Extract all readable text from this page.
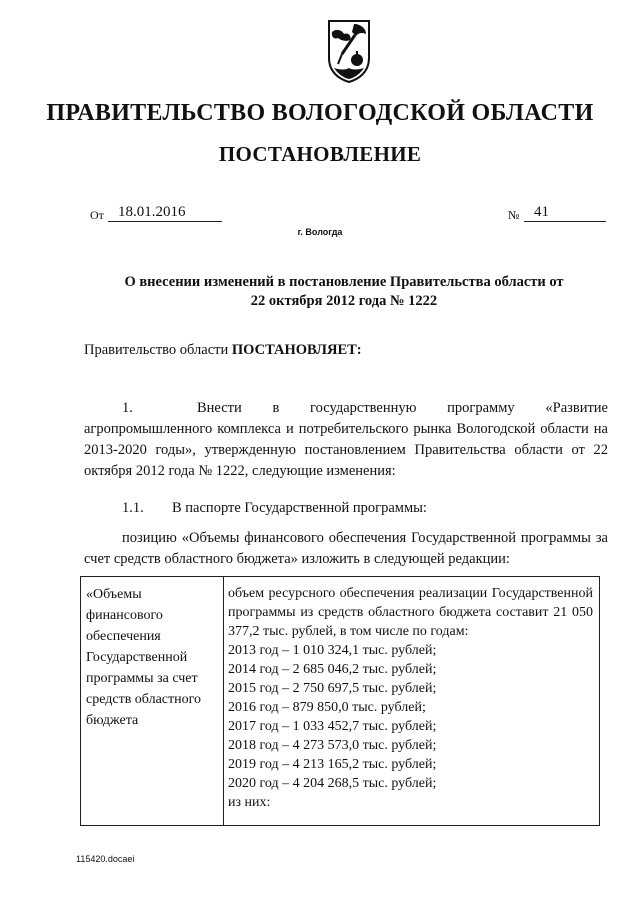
ПРАВИТЕЛЬСТВО ВОЛОГОДСКОЙ ОБЛАСТИ
ПОСТАНОВЛЕНИЕ
От 18.01.2016	№ 41
г. Вологда
О внесении изменений в постановление Правительства области от
22 октября 2012 года № 1222
Правительство области ПОСТАНОВЛЯЕТ:
1.	Внести в государственную программу «Развитие агропромышленного комплекса и потребительского рынка Вологодской области на 2013-2020 годы», утвержденную постановлением Правительства области от 22 октября 2012 года № 1222, следующие изменения:
1.1. В паспорте Государственной программы:
позицию «Объемы финансового обеспечения Государственной программы за счет средств областного бюджета» изложить в следующей редакции:
«Объемы финансового обеспечения Государственной программы за счет средств областного бюджета
объем ресурсного обеспечения реализации Государственной программы из средств областного бюджета составит 21 050 377,2 тыс. рублей, в том числе по годам:
2013 год – 1 010 324,1 тыс. рублей;
2014 год – 2 685 046,2 тыс. рублей;
2015 год – 2 750 697,5 тыс. рублей;
2016 год – 879 850,0 тыс. рублей;
2017 год – 1 033 452,7 тыс. рублей;
2018 год – 4 273 573,0 тыс. рублей;
2019 год – 4 213 165,2 тыс. рублей;
2020 год – 4 204 268,5 тыс. рублей;
из них:
115420.docaei
